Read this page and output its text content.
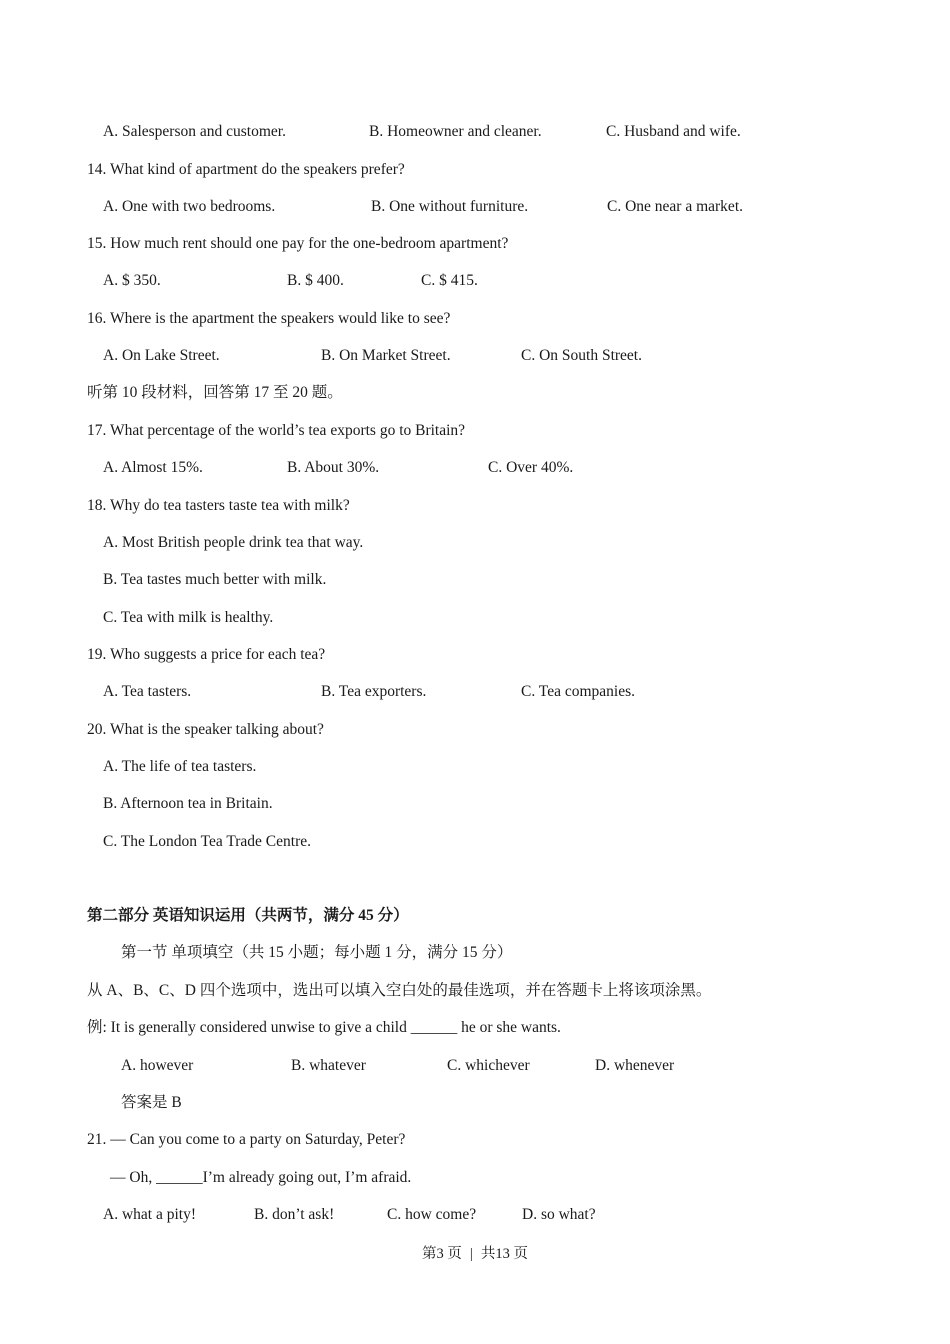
A. Salesperson and customer.	B. Homeowner and cleaner.	C. Husband and wife.
14. What kind of apartment do the speakers prefer?
A. One with two bedrooms.	B. One without furniture.	C. One near a market.
15. How much rent should one pay for the one-bedroom apartment?
A. $ 350.	B. $ 400.	C. $ 415.
16. Where is the apartment the speakers would like to see?
A. On Lake Street.	B. On Market Street.	C. On South Street.
听第 10 段材料，回答第 17 至 20 题。
17. What percentage of the world’s tea exports go to Britain?
A. Almost 15%.	B. About 30%.	C. Over 40%.
18. Why do tea tasters taste tea with milk?
A. Most British people drink tea that way.
B. Tea tastes much better with milk.
C. Tea with milk is healthy.
19. Who suggests a price for each tea?
A. Tea tasters.	B. Tea exporters.	C. Tea companies.
20. What is the speaker talking about?
A. The life of tea tasters.
B. Afternoon tea in Britain.
C. The London Tea Trade Centre.
第二部分 英语知识运用（共两节，满分 45 分）
第一节 单项填空（共 15 小题；每小题 1 分，满分 15 分）
从 A、B、C、D 四个选项中，选出可以填入空白处的最佳选项，并在答题卡上将该项涂黑。
例: It is generally considered unwise to give a child ______ he or she wants.
A. however	B. whatever	C. whichever	D. whenever
答案是 B
21. — Can you come to a party on Saturday, Peter?
— Oh, ______I’m already going out, I’m afraid.
A. what a pity!	B. don’t ask!	C. how come?	D. so what?
第3 页 | 共13 页
